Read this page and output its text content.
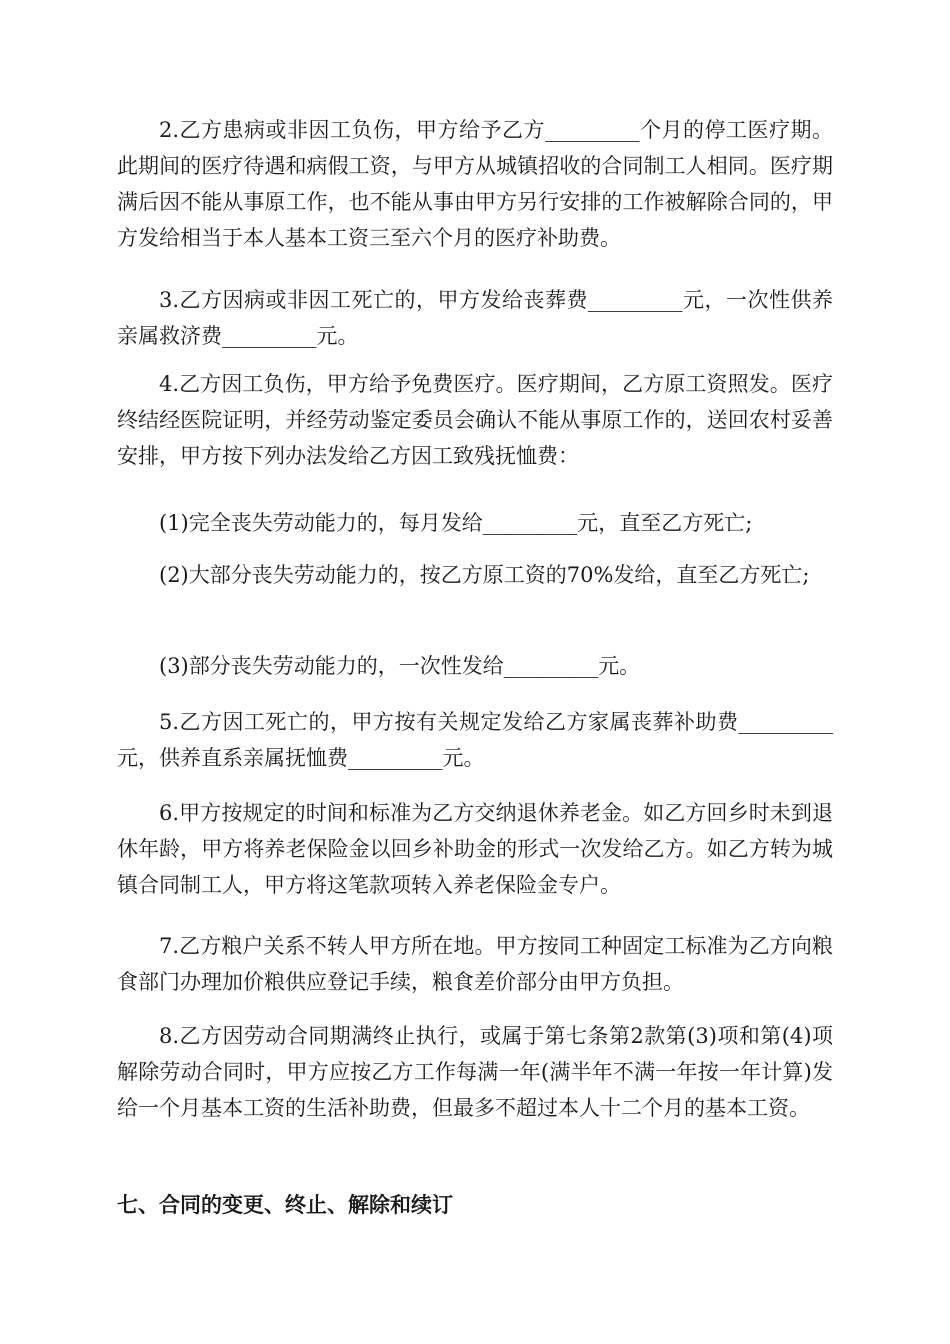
2.乙方患病或非因工负伤，甲方给予乙方_________个月的停工医疗期。此期间的医疗待遇和病假工资，与甲方从城镇招收的合同制工人相同。医疗期满后因不能从事原工作，也不能从事由甲方另行安排的工作被解除合同的，甲方发给相当于本人基本工资三至六个月的医疗补助费。

3.乙方因病或非因工死亡的，甲方发给丧葬费_________元，一次性供养亲属救济费_________元。

4.乙方因工负伤，甲方给予免费医疗。医疗期间，乙方原工资照发。医疗终结经医院证明，并经劳动鉴定委员会确认不能从事原工作的，送回农村妥善安排，甲方按下列办法发给乙方因工致残抚恤费：

(1)完全丧失劳动能力的，每月发给_________元，直至乙方死亡;

(2)大部分丧失劳动能力的，按乙方原工资的70%发给，直至乙方死亡;

(3)部分丧失劳动能力的，一次性发给_________元。

5.乙方因工死亡的，甲方按有关规定发给乙方家属丧葬补助费_________元，供养直系亲属抚恤费_________元。

6.甲方按规定的时间和标准为乙方交纳退休养老金。如乙方回乡时未到退休年龄，甲方将养老保险金以回乡补助金的形式一次发给乙方。如乙方转为城镇合同制工人，甲方将这笔款项转入养老保险金专户。

7.乙方粮户关系不转人甲方所在地。甲方按同工种固定工标准为乙方向粮食部门办理加价粮供应登记手续，粮食差价部分由甲方负担。

8.乙方因劳动合同期满终止执行，或属于第七条第2款第(3)项和第(4)项解除劳动合同时，甲方应按乙方工作每满一年(满半年不满一年按一年计算)发给一个月基本工资的生活补助费，但最多不超过本人十二个月的基本工资。

七、合同的变更、终止、解除和续订
